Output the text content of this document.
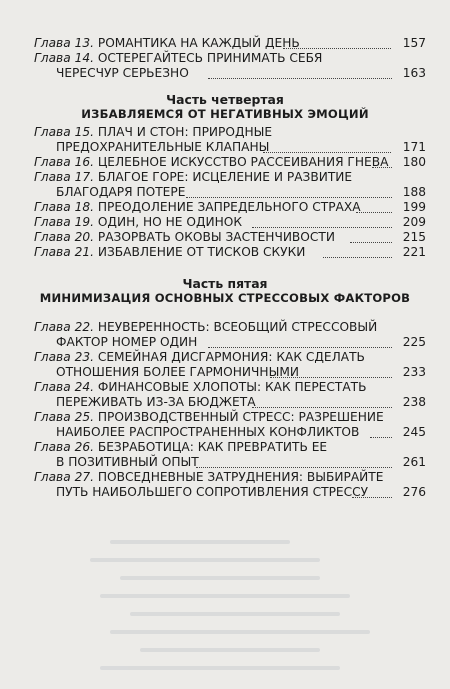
Часть четвертая
ИЗБАВЛЯЕМСЯ ОТ НЕГАТИВНЫХ ЭМОЦИЙ
Часть пятая
МИНИМИЗАЦИЯ ОСНОВНЫХ СТРЕССОВЫХ ФАКТОРОВ
Глава 13. РОМАНТИКА НА КАЖДЫЙ ДЕНЬ	157
Глава 14. ОСТЕРЕГАЙТЕСЬ ПРИНИМАТЬ СЕБЯ
ЧЕРЕСЧУР СЕРЬЕЗНО	163
Глава 15. ПЛАЧ И СТОН: ПРИРОДНЫЕ
ПРЕДОХРАНИТЕЛЬНЫЕ КЛАПАНЫ	171
Глава 16. ЦЕЛЕБНОЕ ИСКУССТВО РАССЕИВАНИЯ ГНЕВА	180
Глава 17. БЛАГОЕ ГОРЕ: ИСЦЕЛЕНИЕ И РАЗВИТИЕ
БЛАГОДАРЯ ПОТЕРЕ	188
Глава 18. ПРЕОДОЛЕНИЕ ЗАПРЕДЕЛЬНОГО СТРАХА	199
Глава 19. ОДИН, НО НЕ ОДИНОК	209
Глава 20. РАЗОРВАТЬ ОКОВЫ ЗАСТЕНЧИВОСТИ	215
Глава 21. ИЗБАВЛЕНИЕ ОТ ТИСКОВ СКУКИ	221
Глава 22. НЕУВЕРЕННОСТЬ: ВСЕОБЩИЙ СТРЕССОВЫЙ
ФАКТОР НОМЕР ОДИН	225
Глава 23. СЕМЕЙНАЯ ДИСГАРМОНИЯ: КАК СДЕЛАТЬ
ОТНОШЕНИЯ БОЛЕЕ ГАРМОНИЧНЫМИ	233
Глава 24. ФИНАНСОВЫЕ ХЛОПОТЫ: КАК ПЕРЕСТАТЬ
ПЕРЕЖИВАТЬ ИЗ-ЗА БЮДЖЕТА	238
Глава 25. ПРОИЗВОДСТВЕННЫЙ СТРЕСС: РАЗРЕШЕНИЕ
НАИБОЛЕЕ РАСПРОСТРАНЕННЫХ КОНФЛИКТОВ	245
Глава 26. БЕЗРАБОТИЦА: КАК ПРЕВРАТИТЬ ЕЕ
В ПОЗИТИВНЫЙ ОПЫТ	261
Глава 27. ПОВСЕДНЕВНЫЕ ЗАТРУДНЕНИЯ: ВЫБИРАЙТЕ
ПУТЬ НАИБОЛЬШЕГО СОПРОТИВЛЕНИЯ СТРЕССУ	276
